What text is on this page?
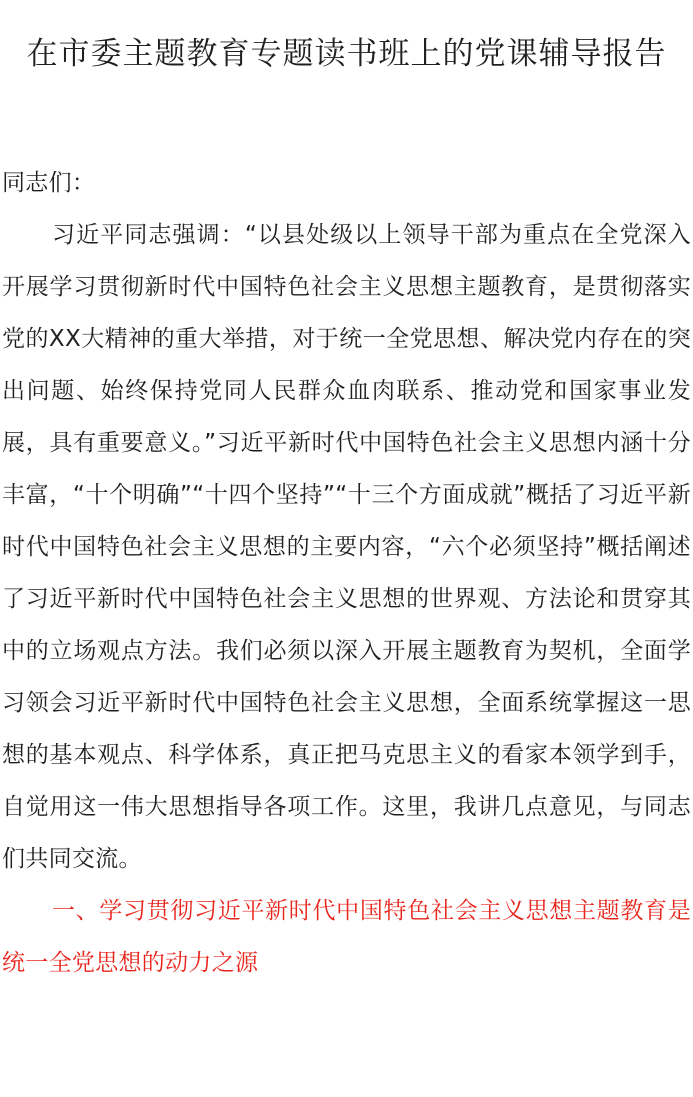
在市委主题教育专题读书班上的党课辅导报告

同志们：

习近平同志强调：“以县处级以上领导干部为重点在全党深入开展学习贯彻新时代中国特色社会主义思想主题教育，是贯彻落实党的XX大精神的重大举措，对于统一全党思想、解决党内存在的突出问题、始终保持党同人民群众血肉联系、推动党和国家事业发展，具有重要意义。”习近平新时代中国特色社会主义思想内涵十分丰富，“十个明确”“十四个坚持”“十三个方面成就”概括了习近平新时代中国特色社会主义思想的主要内容，“六个必须坚持”概括阐述了习近平新时代中国特色社会主义思想的世界观、方法论和贯穿其中的立场观点方法。我们必须以深入开展主题教育为契机，全面学习领会习近平新时代中国特色社会主义思想，全面系统掌握这一思想的基本观点、科学体系，真正把马克思主义的看家本领学到手，自觉用这一伟大思想指导各项工作。这里，我讲几点意见，与同志们共同交流。

一、学习贯彻习近平新时代中国特色社会主义思想主题教育是统一全党思想的动力之源
